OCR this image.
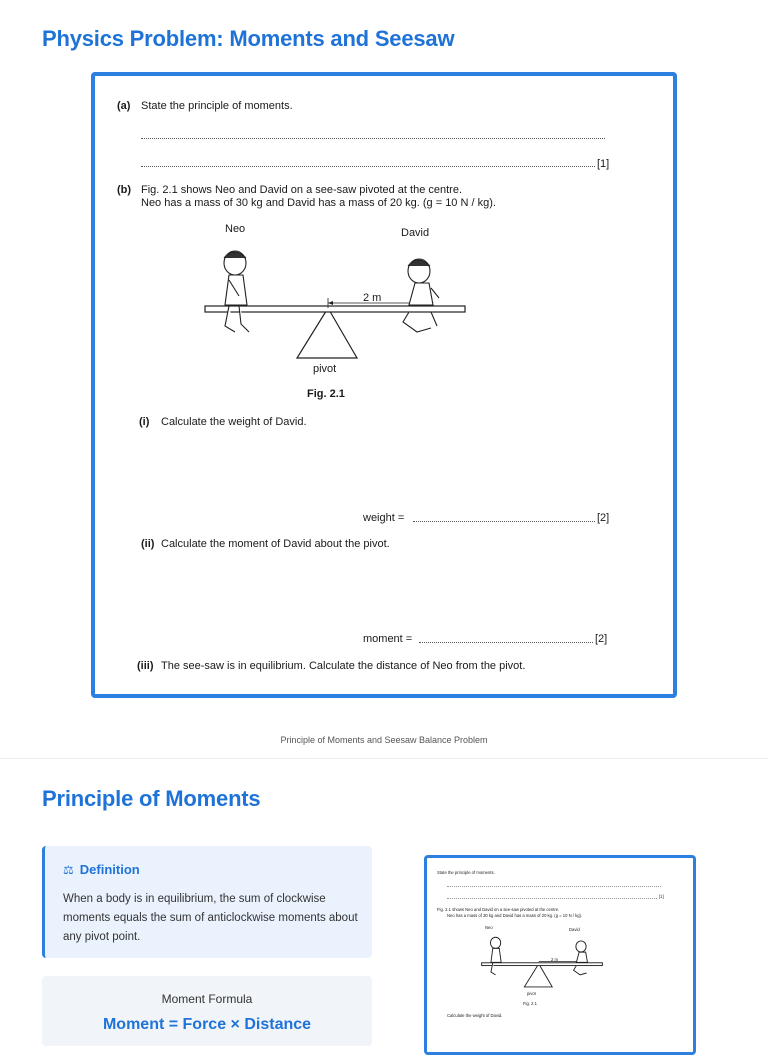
Physics Problem: Moments and Seesaw
(a) State the principle of moments.
[1]
(b) Fig. 2.1 shows Neo and David on a see-saw pivoted at the centre.
Neo has a mass of 30 kg and David has a mass of 20 kg. (g = 10 N / kg).
Neo	David
2 m
pivot
Fig. 2.1
(i) Calculate the weight of David.
weight =	[2]
(ii) Calculate the moment of David about the pivot.
moment =	[2]
(iii) The see-saw is in equilibrium. Calculate the distance of Neo from the pivot.
Principle of Moments and Seesaw Balance Problem
Principle of Moments
⚖ Definition
When a body is in equilibrium, the sum of clockwise moments equals the sum of anticlockwise moments about any pivot point.
Moment Formula
Moment = Force × Distance
State the principle of moments.
[1]
Fig. 2.1 shows Neo and David on a see-saw pivoted at the centre.
Neo has a mass of 30 kg and David has a mass of 20 kg. (g = 10 N / kg).
Neo	David
2 m
pivot
Fig. 2.1
Calculate the weight of David.
